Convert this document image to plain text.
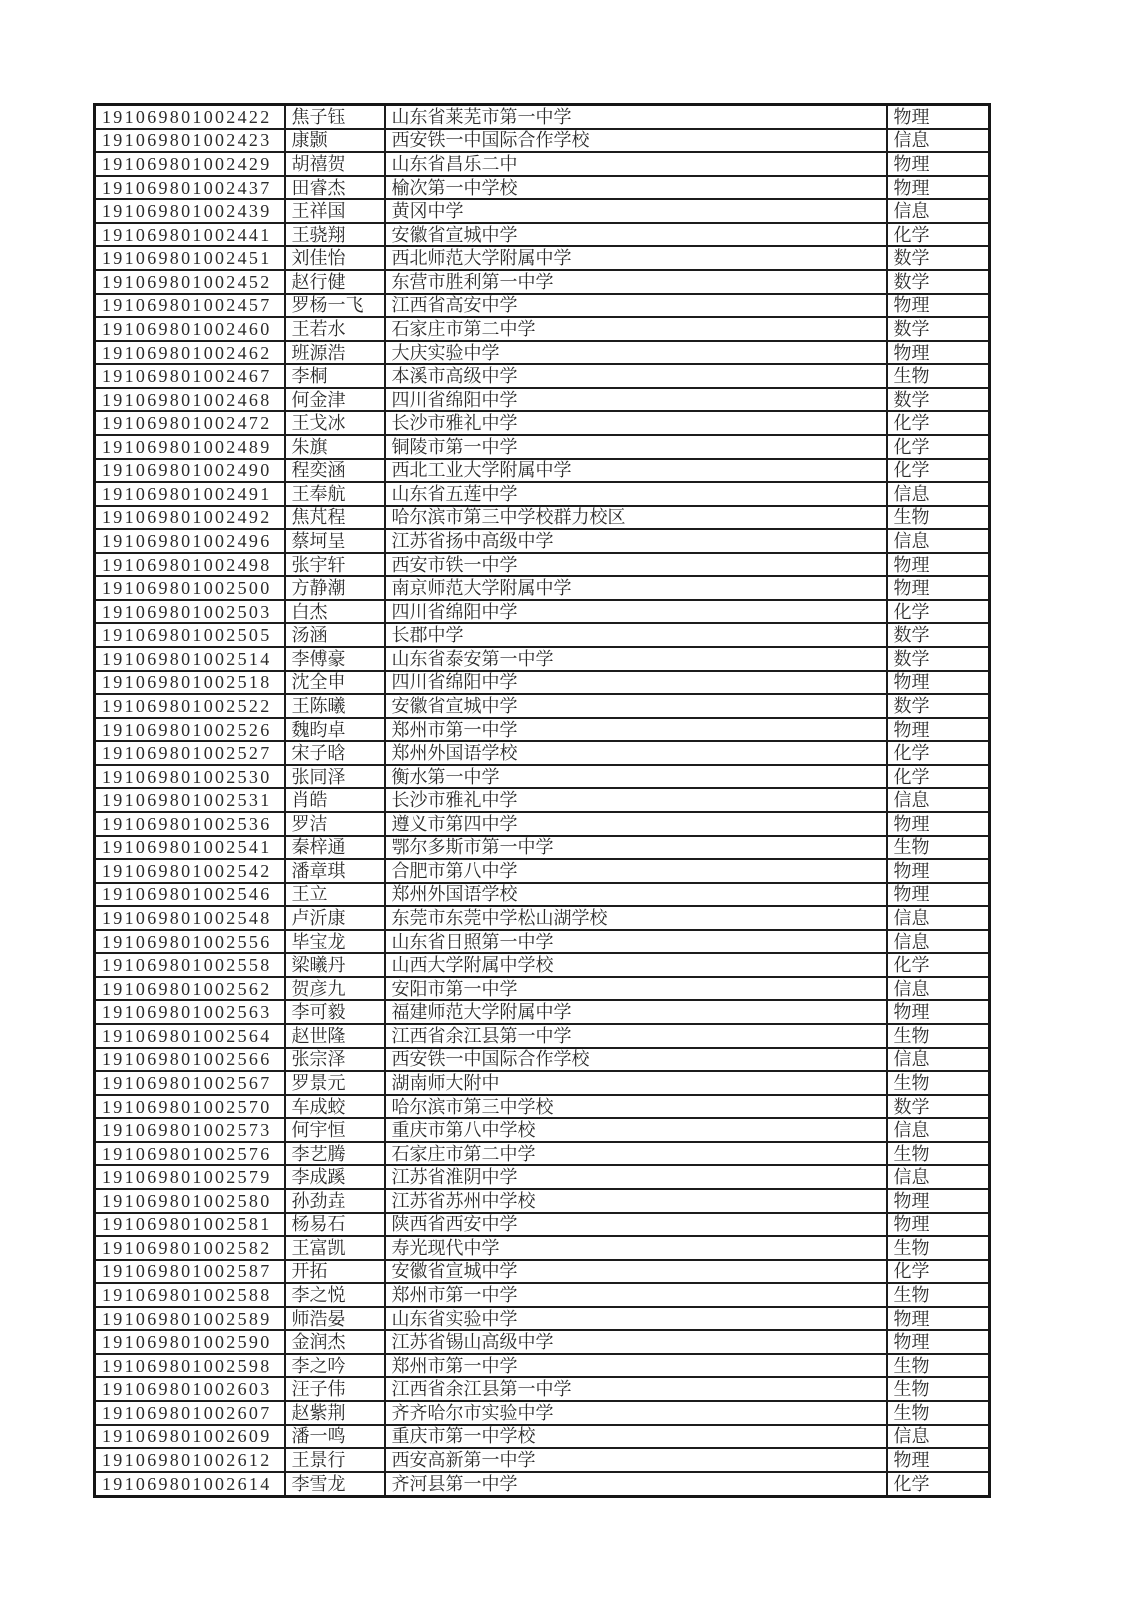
191069801002422	焦子钰	山东省莱芜市第一中学	物理
191069801002423	康颢	西安铁一中国际合作学校	信息
191069801002429	胡禧贺	山东省昌乐二中	物理
191069801002437	田睿杰	榆次第一中学校	物理
191069801002439	王祥国	黄冈中学	信息
191069801002441	王骁翔	安徽省宣城中学	化学
191069801002451	刘佳怡	西北师范大学附属中学	数学
191069801002452	赵行健	东营市胜利第一中学	数学
191069801002457	罗杨一飞	江西省高安中学	物理
191069801002460	王若水	石家庄市第二中学	数学
191069801002462	班源浩	大庆实验中学	物理
191069801002467	李桐	本溪市高级中学	生物
191069801002468	何金津	四川省绵阳中学	数学
191069801002472	王戈冰	长沙市雅礼中学	化学
191069801002489	朱旗	铜陵市第一中学	化学
191069801002490	程奕涵	西北工业大学附属中学	化学
191069801002491	王奉航	山东省五莲中学	信息
191069801002492	焦芃程	哈尔滨市第三中学校群力校区	生物
191069801002496	蔡坷呈	江苏省扬中高级中学	信息
191069801002498	张宇轩	西安市铁一中学	物理
191069801002500	方静潮	南京师范大学附属中学	物理
191069801002503	白杰	四川省绵阳中学	化学
191069801002505	汤涵	长郡中学	数学
191069801002514	李傅豪	山东省泰安第一中学	数学
191069801002518	沈全申	四川省绵阳中学	物理
191069801002522	王陈曦	安徽省宣城中学	数学
191069801002526	魏昀卓	郑州市第一中学	物理
191069801002527	宋子晗	郑州外国语学校	化学
191069801002530	张同泽	衡水第一中学	化学
191069801002531	肖皓	长沙市雅礼中学	信息
191069801002536	罗洁	遵义市第四中学	物理
191069801002541	秦梓通	鄂尔多斯市第一中学	生物
191069801002542	潘章琪	合肥市第八中学	物理
191069801002546	王立	郑州外国语学校	物理
191069801002548	卢沂康	东莞市东莞中学松山湖学校	信息
191069801002556	毕宝龙	山东省日照第一中学	信息
191069801002558	梁曦丹	山西大学附属中学校	化学
191069801002562	贺彦九	安阳市第一中学	信息
191069801002563	李可毅	福建师范大学附属中学	物理
191069801002564	赵世隆	江西省余江县第一中学	生物
191069801002566	张宗泽	西安铁一中国际合作学校	信息
191069801002567	罗景元	湖南师大附中	生物
191069801002570	车成蛟	哈尔滨市第三中学校	数学
191069801002573	何宇恒	重庆市第八中学校	信息
191069801002576	李艺腾	石家庄市第二中学	生物
191069801002579	李成蹊	江苏省淮阴中学	信息
191069801002580	孙劲垚	江苏省苏州中学校	物理
191069801002581	杨易石	陕西省西安中学	物理
191069801002582	王富凯	寿光现代中学	生物
191069801002587	开拓	安徽省宣城中学	化学
191069801002588	李之悦	郑州市第一中学	生物
191069801002589	师浩晏	山东省实验中学	物理
191069801002590	金润杰	江苏省锡山高级中学	物理
191069801002598	李之吟	郑州市第一中学	生物
191069801002603	汪子伟	江西省余江县第一中学	生物
191069801002607	赵紫荆	齐齐哈尔市实验中学	生物
191069801002609	潘一鸣	重庆市第一中学校	信息
191069801002612	王景行	西安高新第一中学	物理
191069801002614	李雪龙	齐河县第一中学	化学
